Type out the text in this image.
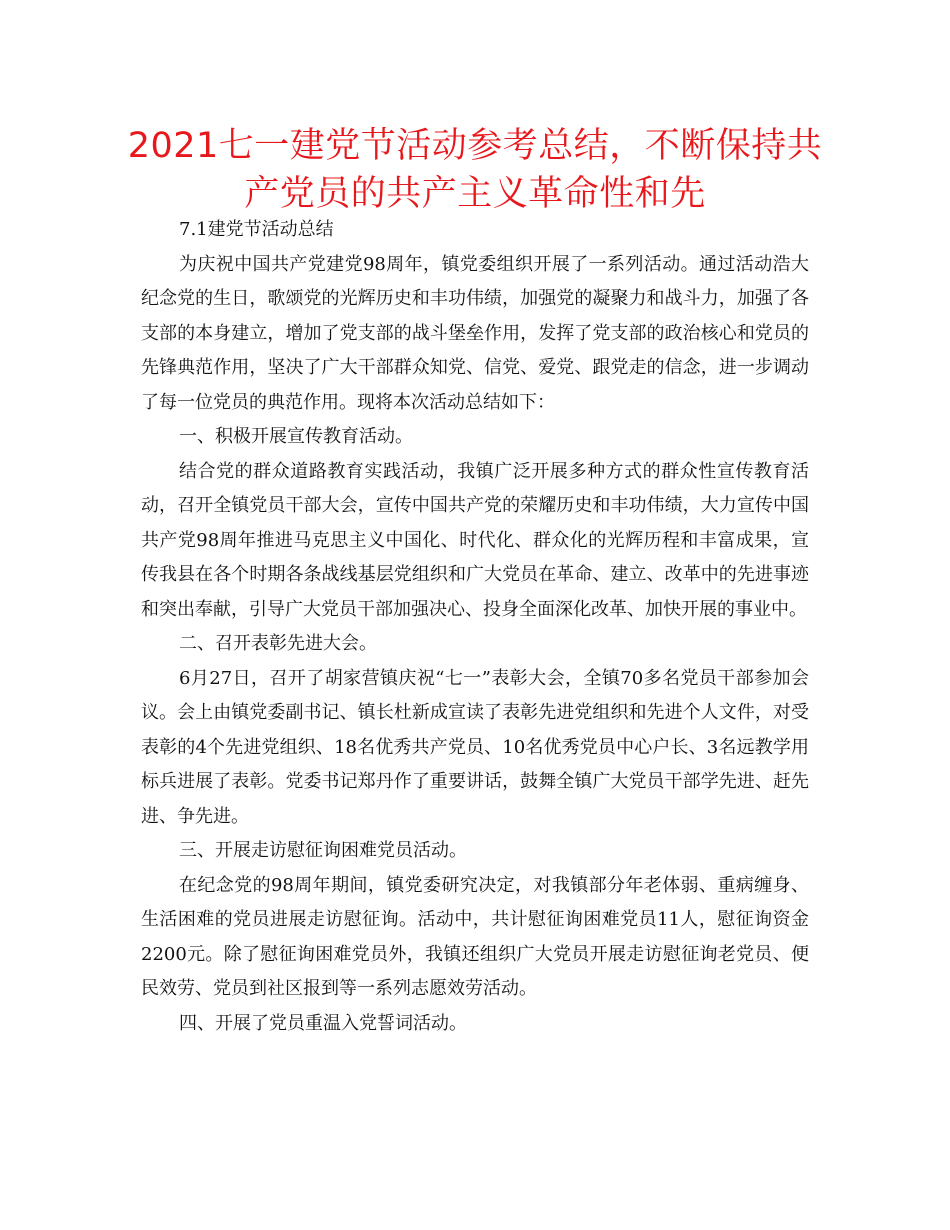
2021七一建党节活动参考总结，不断保持共产党员的共产主义革命性和先

7.1建党节活动总结

为庆祝中国共产党建党98周年，镇党委组织开展了一系列活动。通过活动浩大纪念党的生日，歌颂党的光辉历史和丰功伟绩，加强党的凝聚力和战斗力，加强了各支部的本身建立，增加了党支部的战斗堡垒作用，发挥了党支部的政治核心和党员的先锋典范作用，坚决了广大干部群众知党、信党、爱党、跟党走的信念，进一步调动了每一位党员的典范作用。现将本次活动总结如下：

一、积极开展宣传教育活动。

结合党的群众道路教育实践活动，我镇广泛开展多种方式的群众性宣传教育活动，召开全镇党员干部大会，宣传中国共产党的荣耀历史和丰功伟绩，大力宣传中国共产党98周年推进马克思主义中国化、时代化、群众化的光辉历程和丰富成果，宣传我县在各个时期各条战线基层党组织和广大党员在革命、建立、改革中的先进事迹和突出奉献，引导广大党员干部加强决心、投身全面深化改革、加快开展的事业中。

二、召开表彰先进大会。

6月27日，召开了胡家营镇庆祝“七一”表彰大会，全镇70多名党员干部参加会议。会上由镇党委副书记、镇长杜新成宣读了表彰先进党组织和先进个人文件，对受表彰的4个先进党组织、18名优秀共产党员、10名优秀党员中心户长、3名远教学用标兵进展了表彰。党委书记郑丹作了重要讲话，鼓舞全镇广大党员干部学先进、赶先进、争先进。

三、开展走访慰征询困难党员活动。

在纪念党的98周年期间，镇党委研究决定，对我镇部分年老体弱、重病缠身、生活困难的党员进展走访慰征询。活动中，共计慰征询困难党员11人，慰征询资金2200元。除了慰征询困难党员外，我镇还组织广大党员开展走访慰征询老党员、便民效劳、党员到社区报到等一系列志愿效劳活动。

四、开展了党员重温入党誓词活动。
